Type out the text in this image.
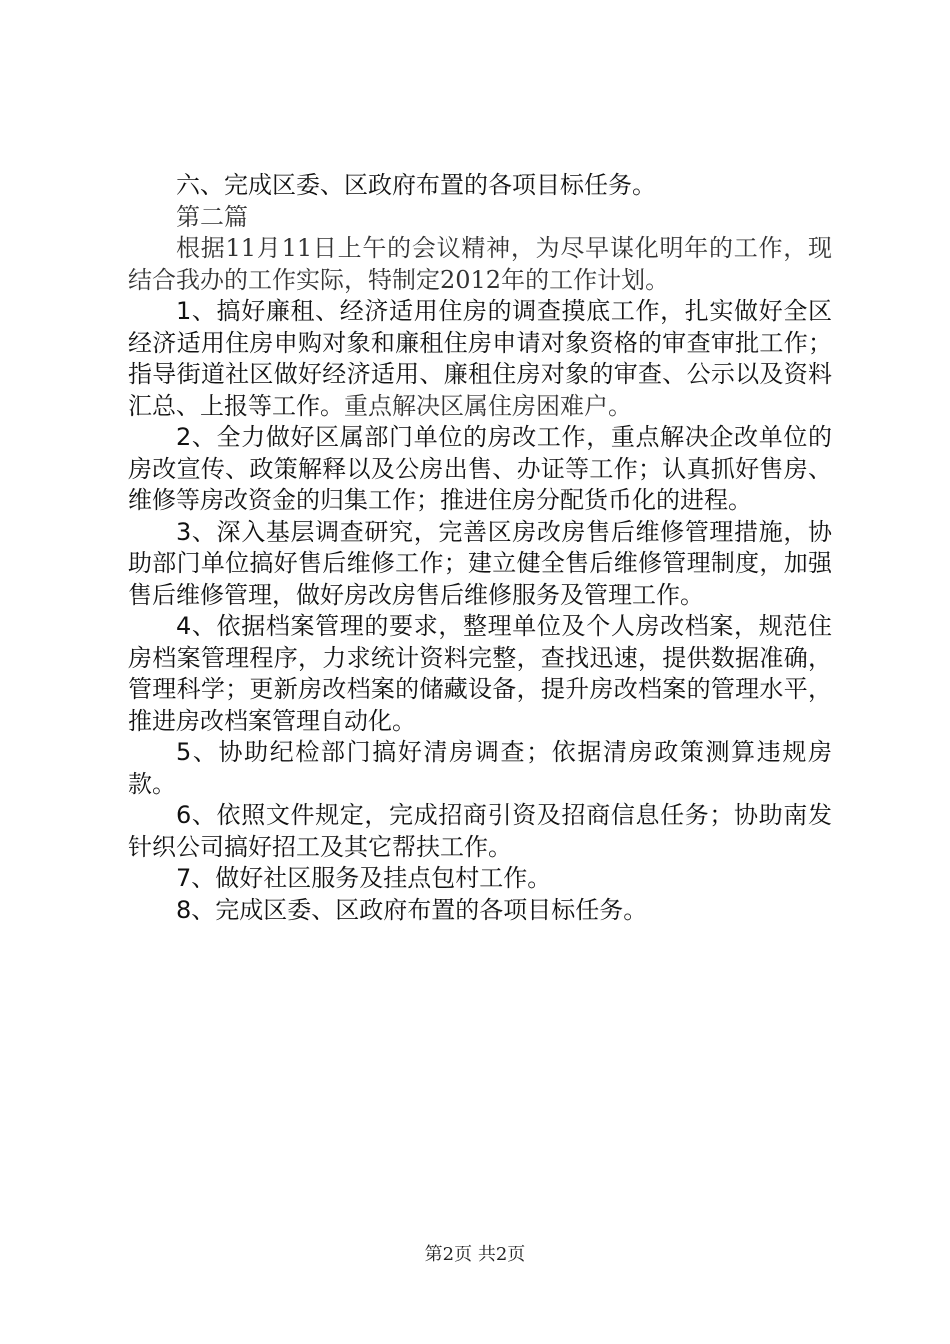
六、完成区委、区政府布置的各项目标任务。

第二篇

根据11月11日上午的会议精神，为尽早谋化明年的工作，现结合我办的工作实际，特制定2012年的工作计划。

1、搞好廉租、经济适用住房的调查摸底工作，扎实做好全区经济适用住房申购对象和廉租住房申请对象资格的审查审批工作；指导街道社区做好经济适用、廉租住房对象的审查、公示以及资料汇总、上报等工作。重点解决区属住房困难户。

2、全力做好区属部门单位的房改工作，重点解决企改单位的房改宣传、政策解释以及公房出售、办证等工作；认真抓好售房、维修等房改资金的归集工作；推进住房分配货币化的进程。

3、深入基层调查研究，完善区房改房售后维修管理措施，协助部门单位搞好售后维修工作；建立健全售后维修管理制度，加强售后维修管理，做好房改房售后维修服务及管理工作。

4、依据档案管理的要求，整理单位及个人房改档案，规范住房档案管理程序，力求统计资料完整，查找迅速，提供数据准确，管理科学；更新房改档案的储藏设备，提升房改档案的管理水平，推进房改档案管理自动化。

5、协助纪检部门搞好清房调查；依据清房政策测算违规房款。

6、依照文件规定，完成招商引资及招商信息任务；协助南发针织公司搞好招工及其它帮扶工作。

7、做好社区服务及挂点包村工作。

8、完成区委、区政府布置的各项目标任务。

第2页 共2页
